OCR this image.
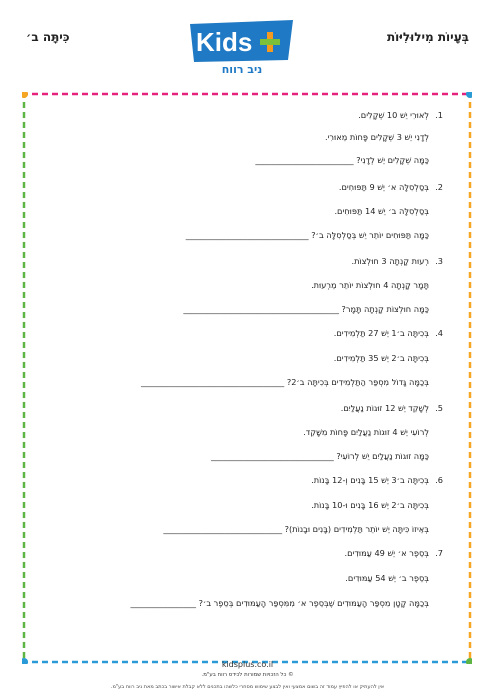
בְּעָיוֹת מִילוּלִיּוֹת
כִּיתָּה ב׳	Kids
ניב רווח
1.
לְאוּרִי יֵשׁ 10 שְׁקָלִים.
לְדָנִי יֵשׁ 3 שְׁקָלִים פָּחוֹת מֵאוּרִי.
כַּמָּה שְׁקָלִים יֵשׁ לְדָנִי? ________________________
2.
בְּסַלְסִלָּה א׳ יֵשׁ 9 תַּפּוּחִים.
בְּסַלְסִלָּה ב׳ יֵשׁ 14 תַּפּוּחִים.
כַּמָּה תַּפּוּחִים יוֹתֵר יֵשׁ בְּסַלְסִלָּה ב׳? ______________________________
3.
רְעוּת קָנְתָה 3 חוּלְצוֹת.
תָּמָר קָנְתָה 4 חוּלְצוֹת יוֹתֵר מֵרְעוּת.
כַּמָּה חוּלְצוֹת קָנְתָה תָּמָר? ______________________________________
4.
בְּכִיתָּה ב׳1 יֵשׁ 27 תַּלְמִידִים.
בְּכִיתָּה ב׳2 יֵשׁ 35 תַּלְמִידִים.
בְּכַמָּה גָּדוֹל מִסְפַּר הַתַּלְמִידִים בְּכִיתָּה ב׳2? ___________________________________
5.
לְשָׁקֵד יֵשׁ 12 זוּגוֹת נַעֲלַיִם.
לְרוֹעִי יֵשׁ 4 זוּגוֹת נַעֲלַיִם פָּחוֹת מִשָּׁקֵד.
כַּמָּה זוּגוֹת נַעֲלַיִם יֵשׁ לְרוֹעִי? ______________________________
6.
בְּכִיתָּה ב׳3 יֵשׁ 15 בָּנִים וְ-12 בָּנוֹת.
בְּכִיתָּה ב׳2 יֵשׁ 16 בָּנִים וּ-10 בָּנוֹת.
בְּאֵיזוֹ כִּיתָּה יֵשׁ יוֹתֵר תַּלְמִידִים (בָּנִים וּבָנוֹת)? _____________________________
7.
בְּסֵפֶר א׳ יֵשׁ 49 עַמּוּדִים.
בְּסֵפֶר ב׳ יֵשׁ 54 עַמּוּדִים.
בְּכַמָּה קָטָן מִסְפַּר הָעַמּוּדִים שֶׁבְּסֵפֶר א׳ מִמִּסְפַּר הָעַמּוּדִים בְּסֵפֶר ב׳? ________________
kidsplus.co.il
© כל הזכויות שמורות לכידס רווח בע"מ.
אין להעתיק או להפיץ עמוד זה בשום אמצעי ואין לבצע שימוש מסחרי כלשהו בתכנים ללא קבלת אישור בכתב מאת ניב רווח בע"מ.
